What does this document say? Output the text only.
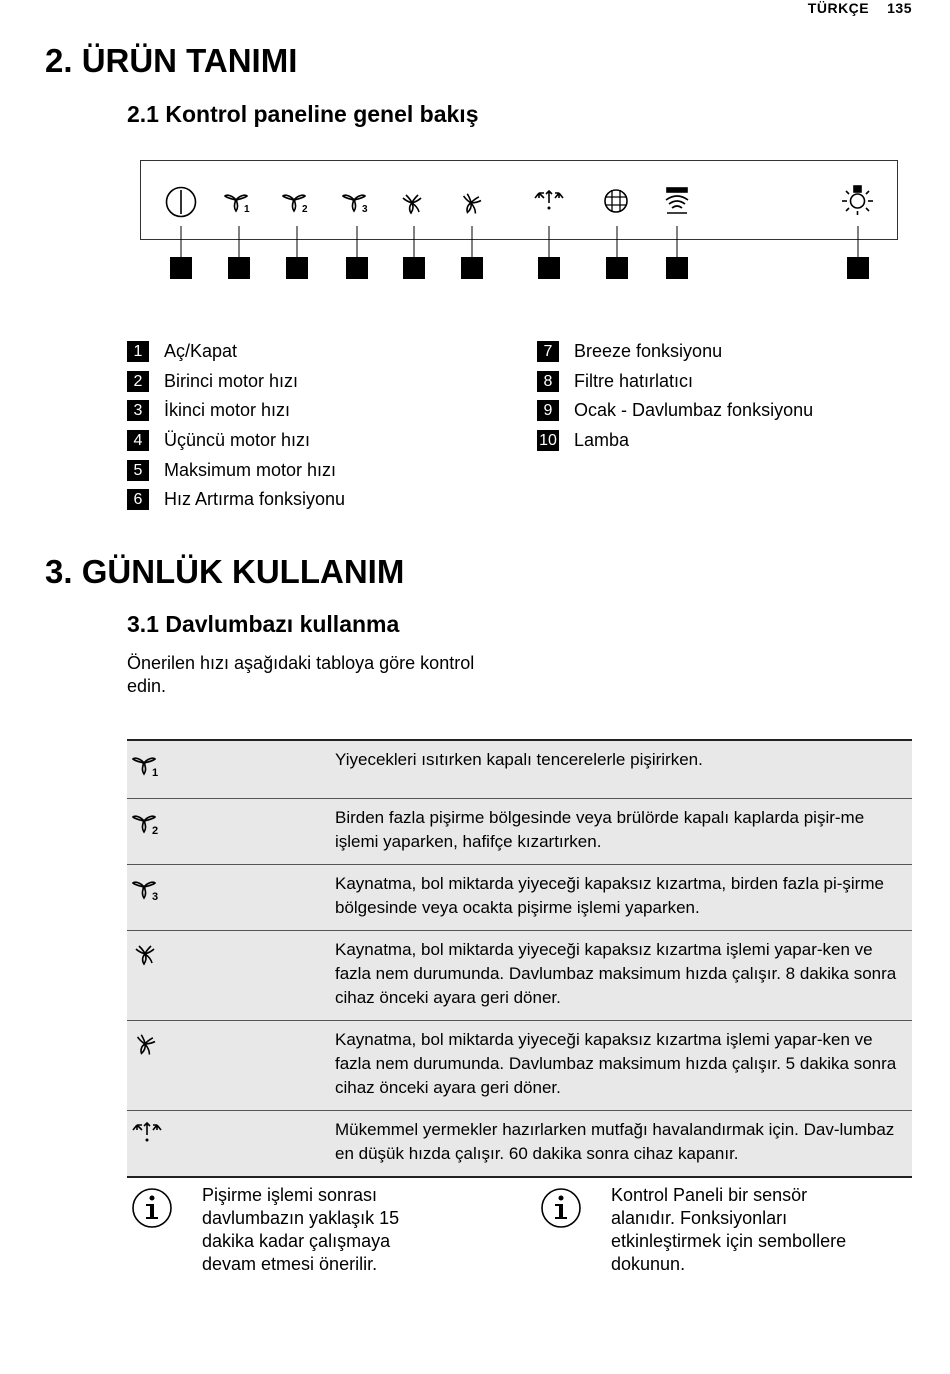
TÜRKÇE 135
2. ÜRÜN TANIMI
2.1 Kontrol paneline genel bakış
1	2	3
1	Aç/Kapat
2	Birinci motor hızı
3	İkinci motor hızı
4	Üçüncü motor hızı
5	Maksimum motor hızı
6	Hız Artırma fonksiyonu
7	Breeze fonksiyonu
8	Filtre hatırlatıcı
9	Ocak - Davlumbaz fonksiyonu
10 Lamba
3. GÜNLÜK KULLANIM
3.1 Davlumbazı kullanma
Önerilen hızı aşağıdaki tabloya göre kontrol edin.
1	Yiyecekleri ısıtırken kapalı tencerelerle pişirirken.

2	Birden fazla pişirme bölgesinde veya brülörde kapalı kaplarda pişir-me işlemi yaparken, hafifçe kızartırken.

3	Kaynatma, bol miktarda yiyeceği kapaksız kızartma, birden fazla pi-şirme bölgesinde veya ocakta pişirme işlemi yaparken.
	Kaynatma, bol miktarda yiyeceği kapaksız kızartma işlemi yapar-ken ve fazla nem durumunda. Davlumbaz maksimum hızda çalışır. 8 dakika sonra cihaz önceki ayara geri döner.
	Kaynatma, bol miktarda yiyeceği kapaksız kızartma işlemi yapar-ken ve fazla nem durumunda. Davlumbaz maksimum hızda çalışır. 5 dakika sonra cihaz önceki ayara geri döner.
	Mükemmel yermekler hazırlarken mutfağı havalandırmak için. Dav-lumbaz en düşük hızda çalışır. 60 dakika sonra cihaz kapanır.
Pişirme işlemi sonrası davlumbazın yaklaşık 15 dakika kadar çalışmaya devam etmesi önerilir.
Kontrol Paneli bir sensör alanıdır. Fonksiyonları etkinleştirmek için sembollere dokunun.
